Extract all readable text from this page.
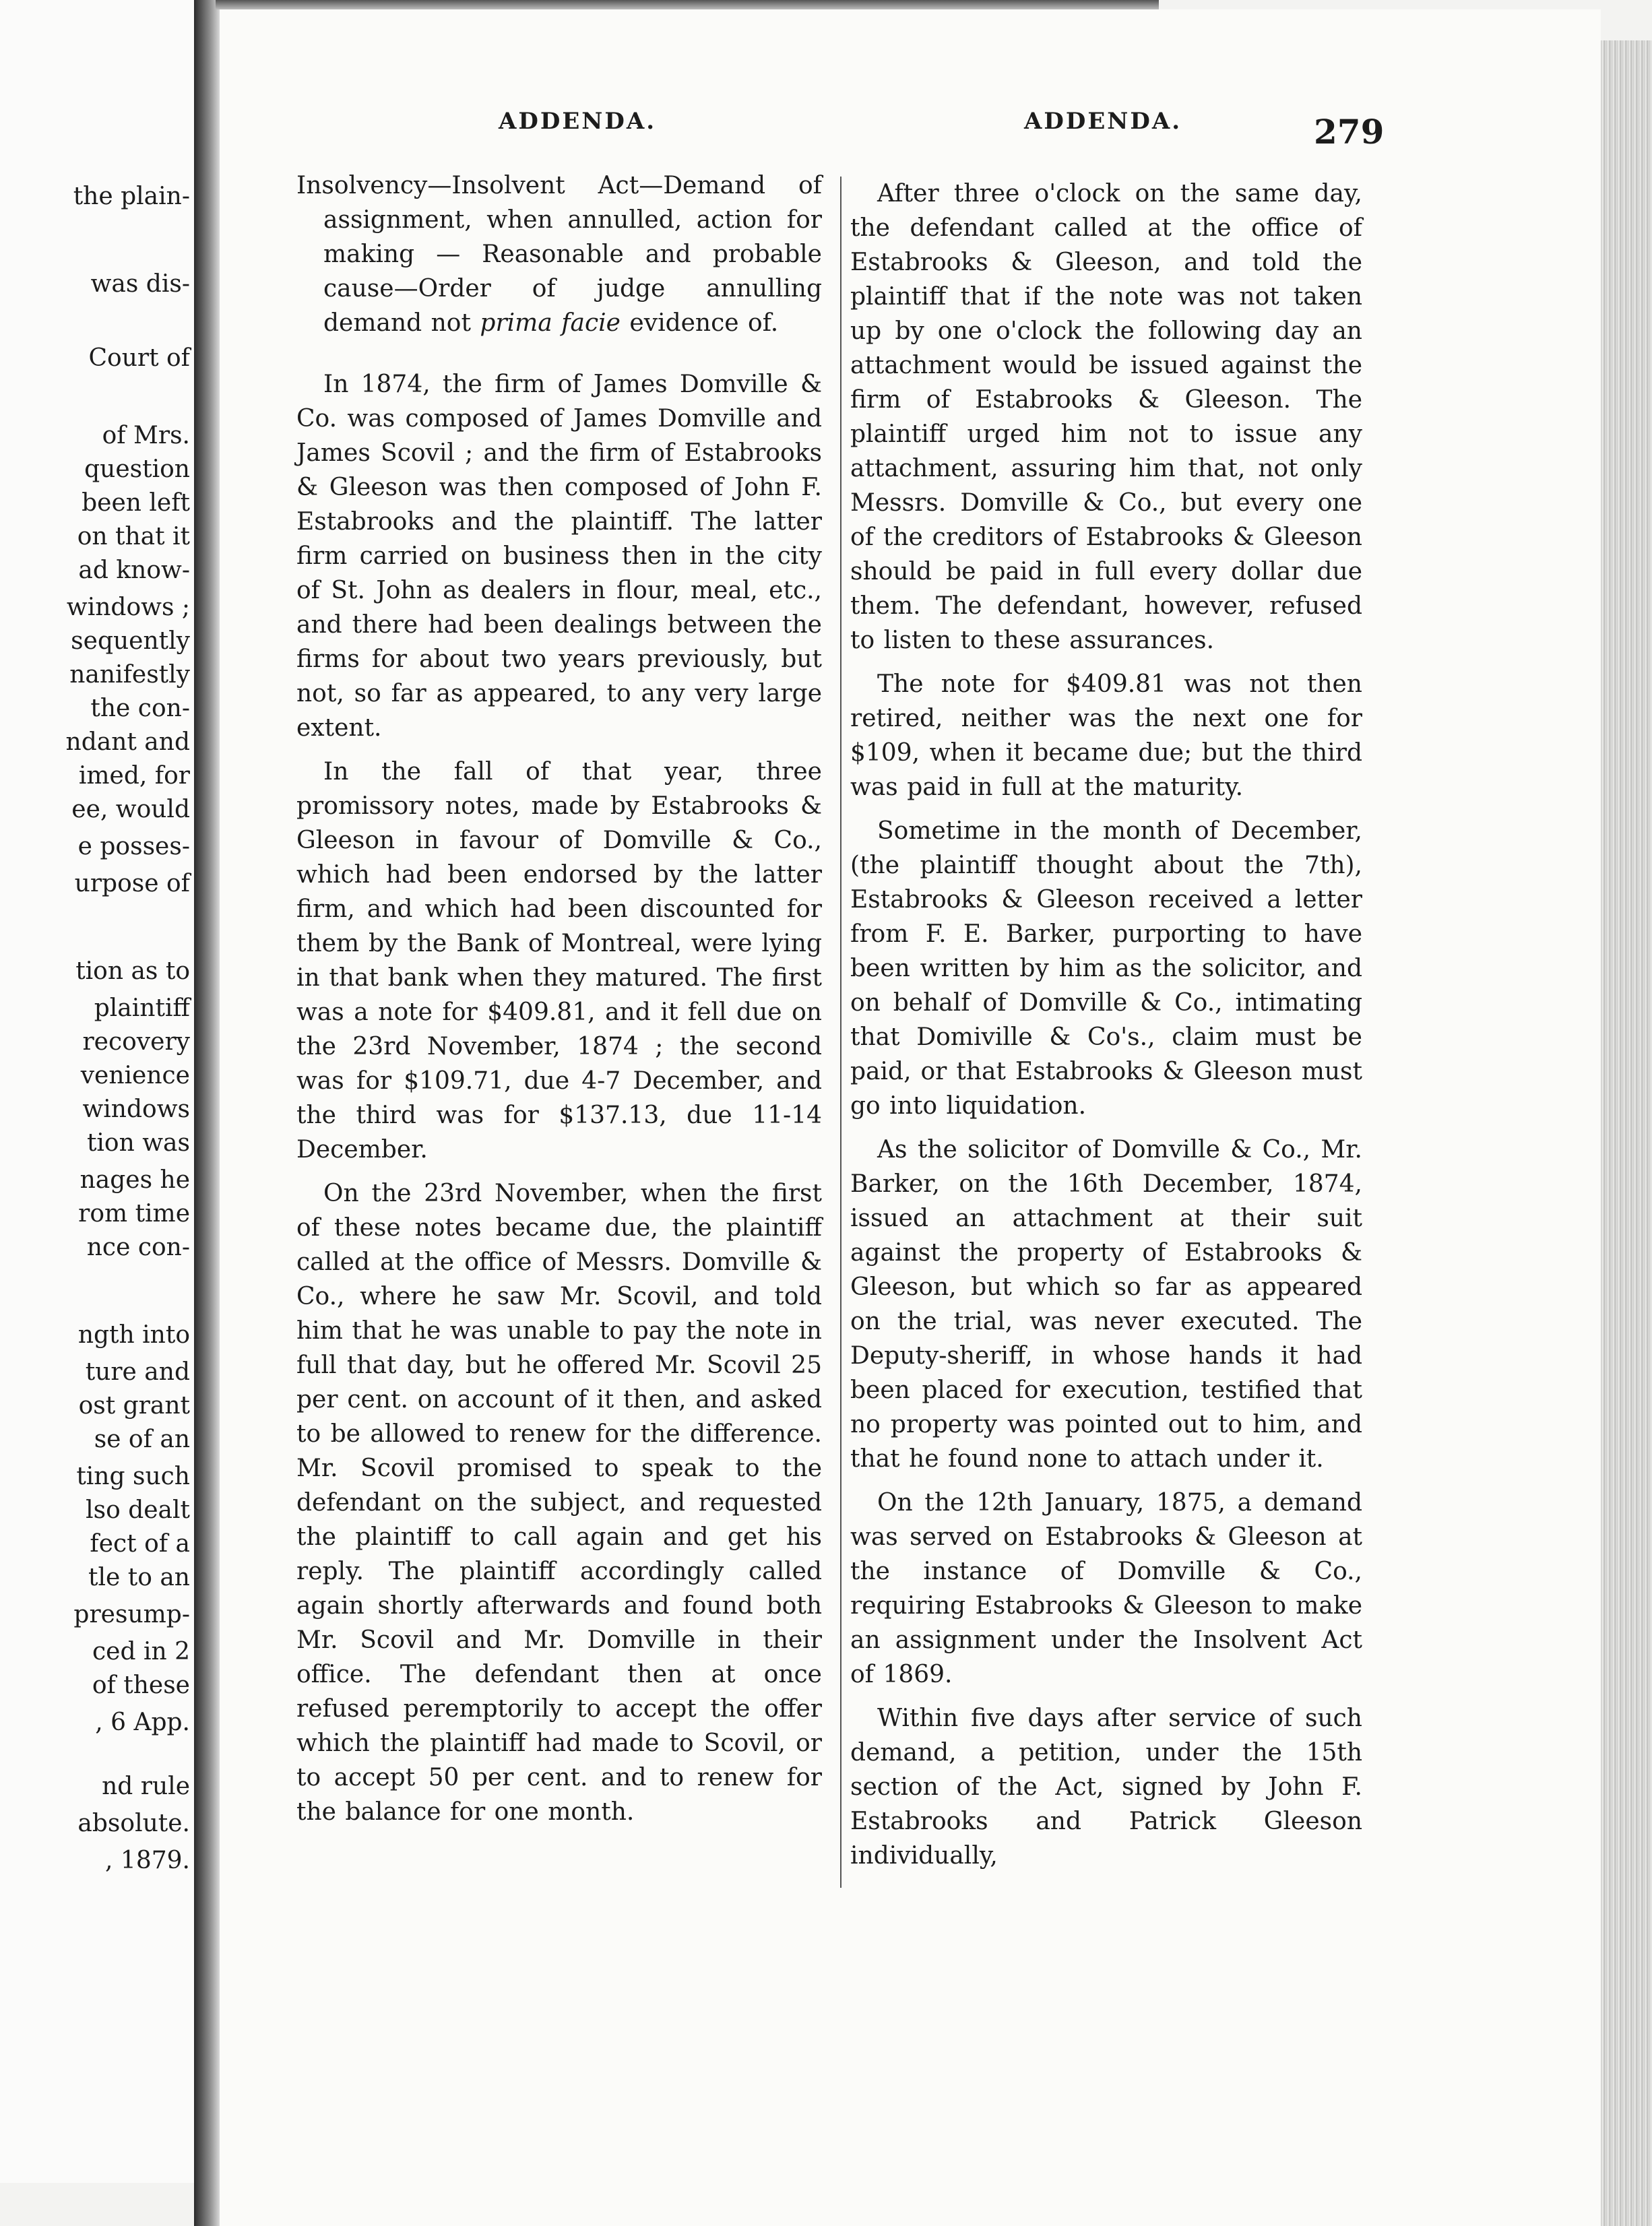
the plain-
was dis-
Court of
of Mrs.
question
been left
on that it
ad know-
windows ;
sequently
nanifestly
the con-
ndant and
imed, for
ee, would
e posses-
urpose of
tion as to
plaintiff
recovery
venience
windows
tion was
nages he
rom time
nce con-
ngth into
ture and
ost grant
se of an
ting such
lso dealt
fect of a
tle to an
presump-
ced in 2
of these
, 6 App.
nd rule
absolute.
, 1879.
ADDENDA.	ADDENDA.	279

Insolvency—Insolvent Act—Demand of assignment, when annulled, action for making — Reasonable and probable cause—Order of judge annulling demand not prima facie evidence of.

In 1874, the firm of James Domville & Co. was composed of James Domville and James Scovil ; and the firm of Estabrooks & Gleeson was then composed of John F. Estabrooks and the plaintiff. The latter firm carried on business then in the city of St. John as dealers in flour, meal, etc., and there had been dealings between the firms for about two years previously, but not, so far as appeared, to any very large extent.

In the fall of that year, three promissory notes, made by Estabrooks & Gleeson in favour of Domville & Co., which had been endorsed by the latter firm, and which had been discounted for them by the Bank of Montreal, were lying in that bank when they matured. The first was a note for $409.81, and it fell due on the 23rd November, 1874 ; the second was for $109.71, due 4-7 December, and the third was for $137.13, due 11-14 December.

On the 23rd November, when the first of these notes became due, the plaintiff called at the office of Messrs. Domville & Co., where he saw Mr. Scovil, and told him that he was unable to pay the note in full that day, but he offered Mr. Scovil 25 per cent. on account of it then, and asked to be allowed to renew for the difference. Mr. Scovil promised to speak to the defendant on the subject, and requested the plaintiff to call again and get his reply. The plaintiff accordingly called again shortly afterwards and found both Mr. Scovil and Mr. Domville in their office. The defendant then at once refused peremptorily to accept the offer which the plaintiff had made to Scovil, or to accept 50 per cent. and to renew for the balance for one month.

After three o'clock on the same day, the defendant called at the office of Estabrooks & Gleeson, and told the plaintiff that if the note was not taken up by one o'clock the following day an attachment would be issued against the firm of Estabrooks & Gleeson. The plaintiff urged him not to issue any attachment, assuring him that, not only Messrs. Domville & Co., but every one of the creditors of Estabrooks & Gleeson should be paid in full every dollar due them. The defendant, however, refused to listen to these assurances.

The note for $409.81 was not then retired, neither was the next one for $109, when it became due; but the third was paid in full at the maturity.

Sometime in the month of December, (the plaintiff thought about the 7th), Estabrooks & Gleeson received a letter from F. E. Barker, purporting to have been written by him as the solicitor, and on behalf of Domville & Co., intimating that Domiville & Co's., claim must be paid, or that Estabrooks & Gleeson must go into liquidation.

As the solicitor of Domville & Co., Mr. Barker, on the 16th December, 1874, issued an attachment at their suit against the property of Estabrooks & Gleeson, but which so far as appeared on the trial, was never executed. The Deputy-sheriff, in whose hands it had been placed for execution, testified that no property was pointed out to him, and that he found none to attach under it.

On the 12th January, 1875, a demand was served on Estabrooks & Gleeson at the instance of Domville & Co., requiring Estabrooks & Gleeson to make an assignment under the Insolvent Act of 1869.

Within five days after service of such demand, a petition, under the 15th section of the Act, signed by John F. Estabrooks and Patrick Gleeson individually,
